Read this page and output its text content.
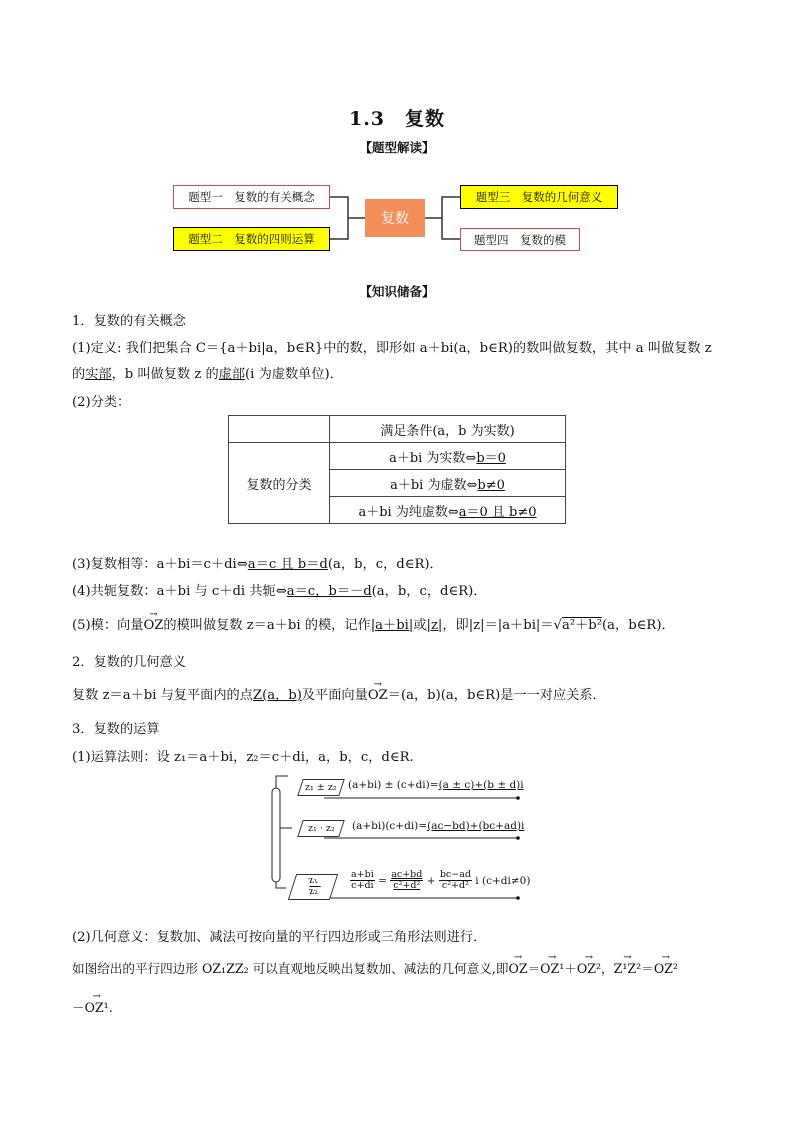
1.3　复数
【题型解读】
题型一　复数的有关概念
题型二　复数的四则运算
复数
题型三　复数的几何意义
题型四　复数的模
【知识储备】
1．复数的有关概念
(1)定义: 我们把集合 C＝{a＋bi|a，b∈R}中的数，即形如 a＋bi(a，b∈R)的数叫做复数，其中 a 叫做复数 z
的实部，b 叫做复数 z 的虚部(i 为虚数单位)．
(2)分类：
	满足条件(a，b 为实数)
复数的分类	a＋bi 为实数⇔b＝0
	a＋bi 为虚数⇔b≠0
	a＋bi 为纯虚数⇔a＝0 且 b≠0
(3)复数相等：a＋bi＝c＋di⇔a＝c 且 b＝d(a，b，c，d∈R)．
(4)共轭复数：a＋bi 与 c＋di 共轭⇔a＝c，b＝－d(a，b，c，d∈R)．
(5)模：向量
→
OZ的模叫做复数 z＝a＋bi 的模，记作|a＋bi|或|z|，即|z|＝|a＋bi|＝√a²＋b²(a，b∈R)．
2．复数的几何意义
复数 z＝a＋bi 与复平面内的点Z(a，b)及平面向量
→
OZ＝(a，b)(a，b∈R)是一一对应关系．
3．复数的运算
(1)运算法则：设 z₁＝a＋bi，z₂＝c＋di，a，b，c，d∈R.
z₁ ± z₂ (a+bi) ± (c+di)=(a ± c)+(b ± d)i
z₁ · z₂ (a+bi)(c+di)=(ac−bd)+(bc+ad)i
$\frac{\text{z₁}}{\text{z₂}}$	$\frac{a+bi}{c+di} = \frac{ac+bd}{\text{c²+d²}} + \frac{bc-ad}{\text{c²+d²}}$ i (c+di≠0)
(2)几何意义：复数加、减法可按向量的平行四边形或三角形法则进行．
如图给出的平行四边形 OZ₁ZZ₂ 可以直观地反映出复数加、减法的几何意义,即
→
OZ＝
→
OZ¹＋
→
OZ²，
→
Z¹Z²＝
→
OZ²
－
→
OZ¹.
